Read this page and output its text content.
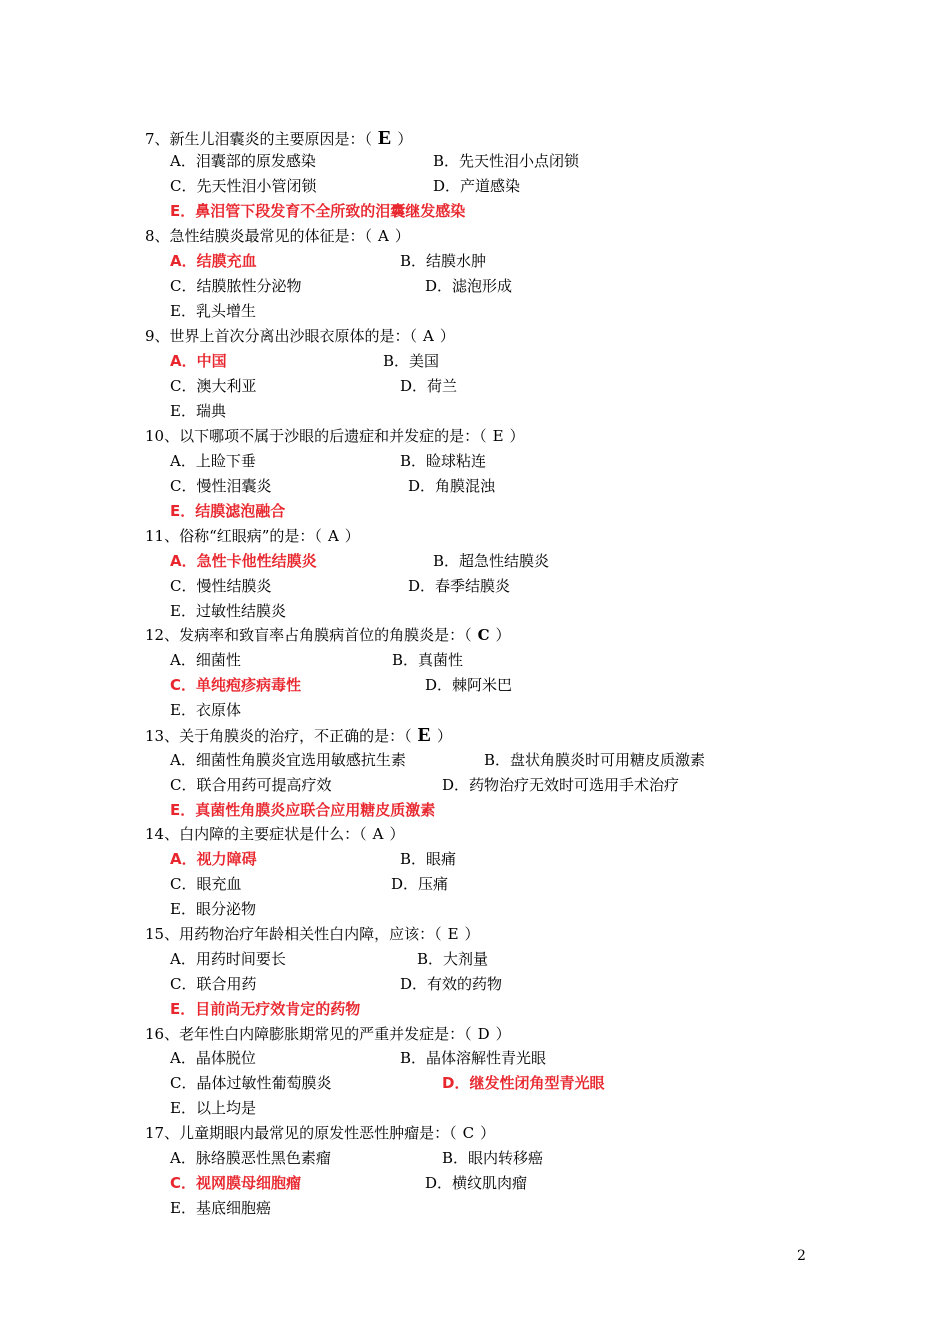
7、新生儿泪囊炎的主要原因是：（ E ）
A．泪囊部的原发感染	B．先天性泪小点闭锁
C．先天性泪小管闭锁	D．产道感染
E．鼻泪管下段发育不全所致的泪囊继发感染
8、急性结膜炎最常见的体征是：（ A ）
A．结膜充血	B．结膜水肿
C．结膜脓性分泌物	D．滤泡形成
E．乳头增生
9、世界上首次分离出沙眼衣原体的是：（ A ）
A．中国	B．美国
C．澳大利亚	D．荷兰
E．瑞典
10、以下哪项不属于沙眼的后遗症和并发症的是：（ E ）
A．上睑下垂	B．睑球粘连
C．慢性泪囊炎	D．角膜混浊
E．结膜滤泡融合
11、俗称“红眼病”的是：（ A ）
A．急性卡他性结膜炎	B．超急性结膜炎
C．慢性结膜炎	D．春季结膜炎
E．过敏性结膜炎
12、发病率和致盲率占角膜病首位的角膜炎是：（ C ）
A．细菌性	B．真菌性
C．单纯疱疹病毒性	D．棘阿米巴
E．衣原体
13、关于角膜炎的治疗，不正确的是：（ E ）
A．细菌性角膜炎宜选用敏感抗生素	B．盘状角膜炎时可用糖皮质激素
C．联合用药可提高疗效	D．药物治疗无效时可选用手术治疗
E．真菌性角膜炎应联合应用糖皮质激素
14、白内障的主要症状是什么：（ A ）
A．视力障碍	B．眼痛
C．眼充血	D．压痛
E．眼分泌物
15、用药物治疗年龄相关性白内障，应该：（ E ）
A．用药时间要长	B．大剂量
C．联合用药	D．有效的药物
E．目前尚无疗效肯定的药物
16、老年性白内障膨胀期常见的严重并发症是：（ D ）
A．晶体脱位	B．晶体溶解性青光眼
C．晶体过敏性葡萄膜炎	D．继发性闭角型青光眼
E．以上均是
17、儿童期眼内最常见的原发性恶性肿瘤是：（ C ）
A．脉络膜恶性黑色素瘤	B．眼内转移癌
C．视网膜母细胞瘤	D．横纹肌肉瘤
E．基底细胞癌
2
